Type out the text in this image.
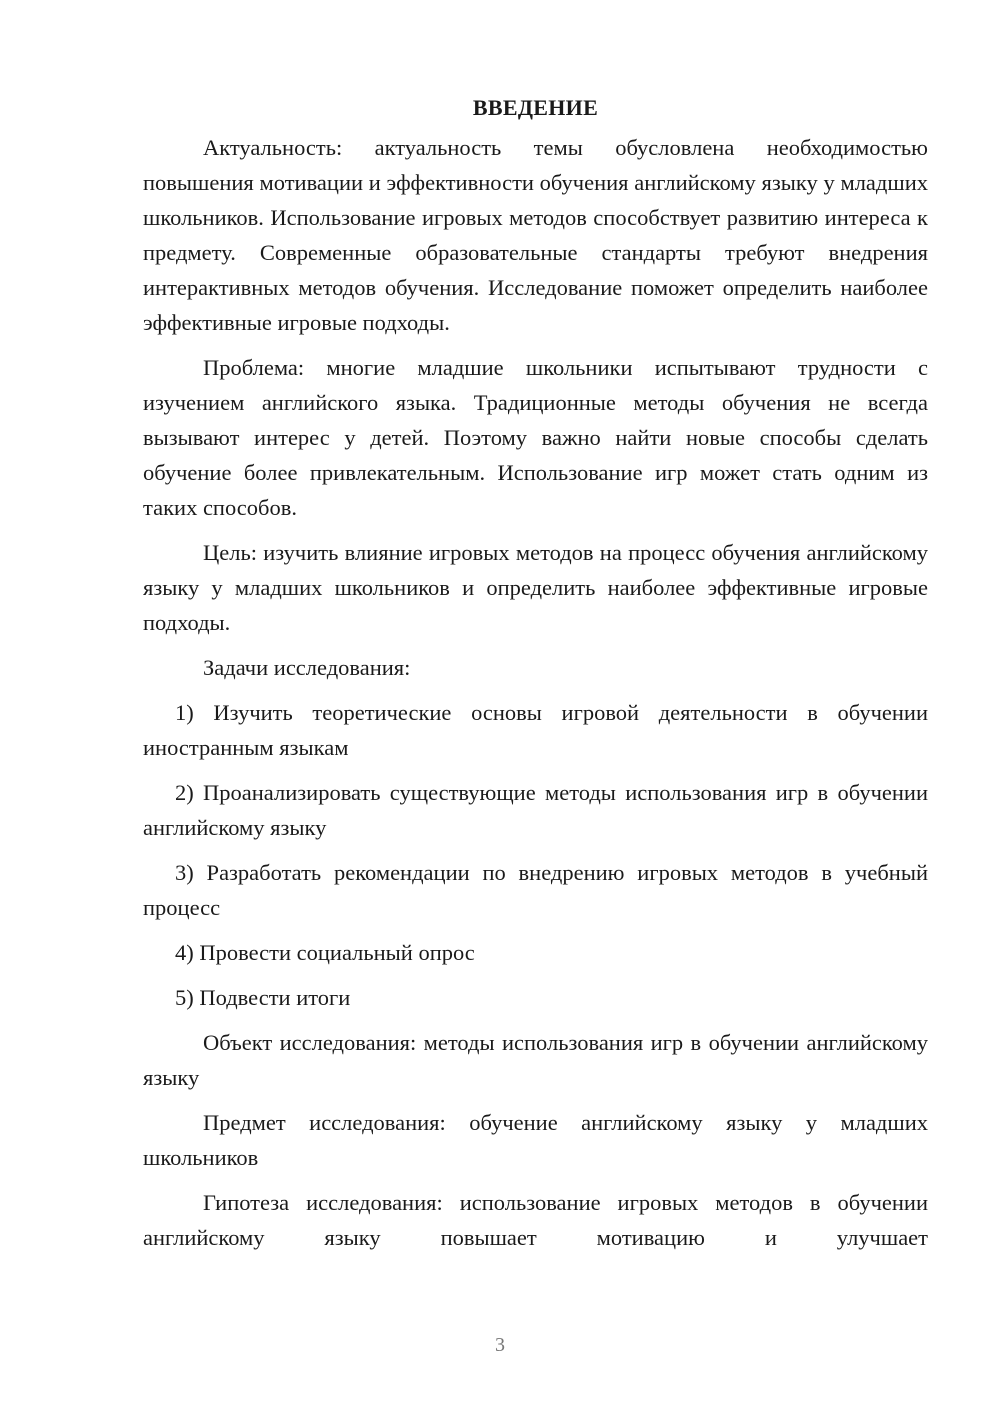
ВВЕДЕНИЕ

Актуальность: актуальность темы обусловлена необходимостью повышения мотивации и эффективности обучения английскому языку у младших школьников. Использование игровых методов способствует развитию интереса к предмету. Современные образовательные стандарты требуют внедрения интерактивных методов обучения. Исследование поможет определить наиболее эффективные игровые подходы.

Проблема: многие младшие школьники испытывают трудности с изучением английского языка. Традиционные методы обучения не всегда вызывают интерес у детей. Поэтому важно найти новые способы сделать обучение более привлекательным. Использование игр может стать одним из таких способов.

Цель: изучить влияние игровых методов на процесс обучения английскому языку у младших школьников и определить наиболее эффективные игровые подходы.

Задачи исследования:

1) Изучить теоретические основы игровой деятельности в обучении иностранным языкам

2) Проанализировать существующие методы использования игр в обучении английскому языку

3) Разработать рекомендации по внедрению игровых методов в учебный процесс

4) Провести социальный опрос

5) Подвести итоги

Объект исследования: методы использования игр в обучении английскому языку

Предмет исследования: обучение английскому языку у младших школьников

Гипотеза исследования: использование игровых методов в обучении английскому языку повышает мотивацию и улучшает

3
